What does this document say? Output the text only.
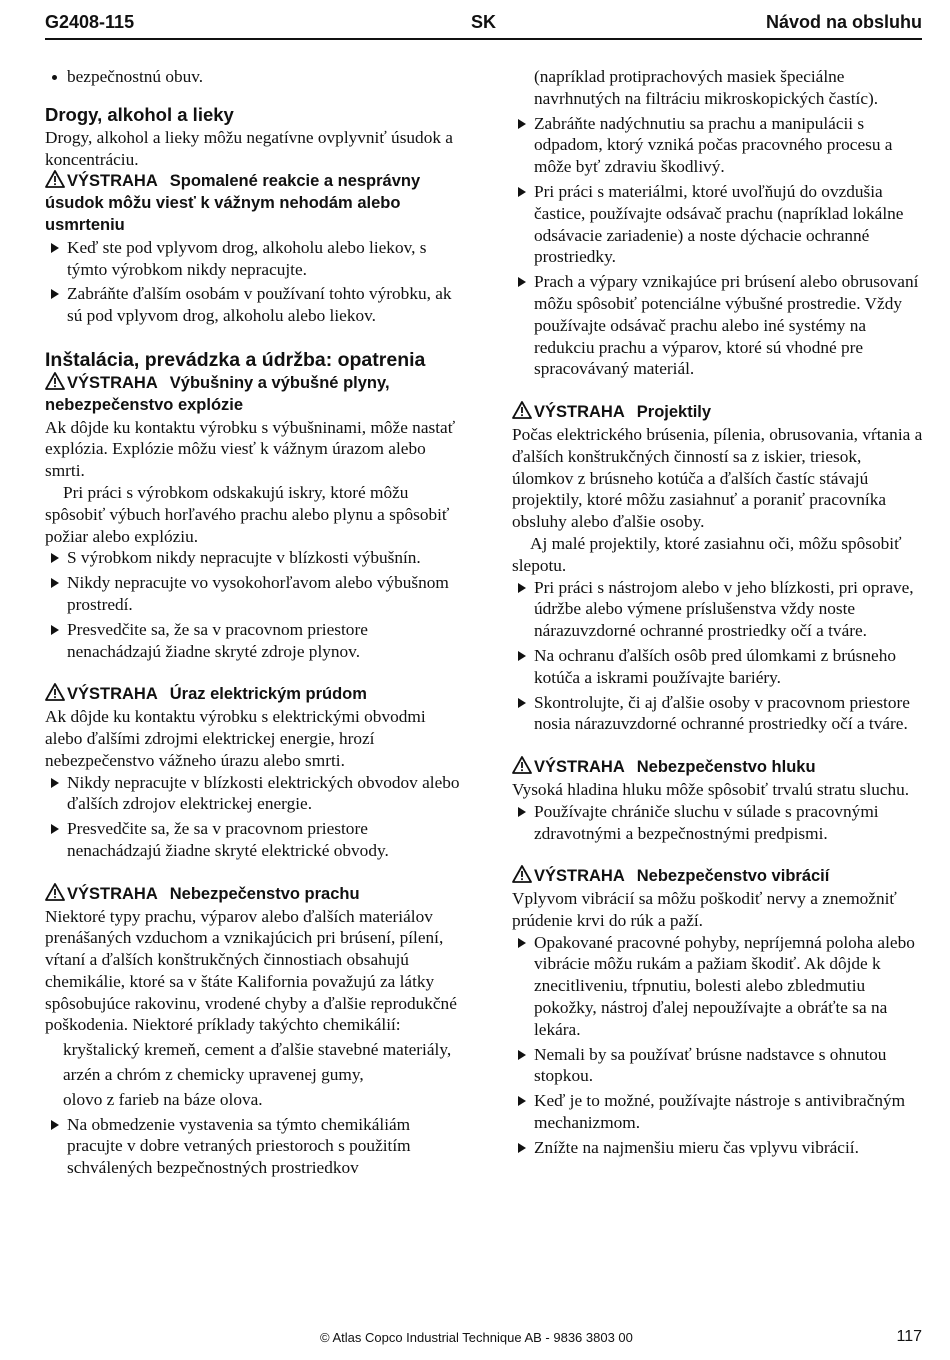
G2408-115	SK	Návod na obsluhu
bezpečnostnú obuv.
Drogy, alkohol a lieky

Drogy, alkohol a lieky môžu negatívne ovplyvniť úsudok a koncentráciu.

VÝSTRAHA Spomalené reakcie a nesprávny úsudok môžu viesť k vážnym nehodám alebo usmrteniu

Keď ste pod vplyvom drog, alkoholu alebo liekov, s týmto výrobkom nikdy nepracujte.
Zabráňte ďalším osobám v používaní tohto výrobku, ak sú pod vplyvom drog, alkoholu alebo liekov.
Inštalácia, prevádzka a údržba: opatrenia

VÝSTRAHA Výbušniny a výbušné plyny, nebezpečenstvo explózie

Ak dôjde ku kontaktu výrobku s výbušninami, môže nastať explózia. Explózie môžu viesť k vážnym úrazom alebo smrti.

Pri práci s výrobkom odskakujú iskry, ktoré môžu spôsobiť výbuch horľavého prachu alebo plynu a spôsobiť požiar alebo explóziu.

S výrobkom nikdy nepracujte v blízkosti výbušnín.
Nikdy nepracujte vo vysokohorľavom alebo výbušnom prostredí.
Presvedčite sa, že sa v pracovnom priestore nenachádzajú žiadne skryté zdroje plynov.

VÝSTRAHA Úraz elektrickým prúdom

Ak dôjde ku kontaktu výrobku s elektrickými obvodmi alebo ďalšími zdrojmi elektrickej energie, hrozí nebezpečenstvo vážneho úrazu alebo smrti.

Nikdy nepracujte v blízkosti elektrických obvodov alebo ďalších zdrojov elektrickej energie.
Presvedčite sa, že sa v pracovnom priestore nenachádzajú žiadne skryté elektrické obvody.

VÝSTRAHA Nebezpečenstvo prachu

Niektoré typy prachu, výparov alebo ďalších materiálov prenášaných vzduchom a vznikajúcich pri brúsení, pílení, vŕtaní a ďalších konštrukčných činnostiach obsahujú chemikálie, ktoré sa v štáte Kalifornia považujú za látky spôsobujúce rakovinu, vrodené chyby a ďalšie reprodukčné poškodenia. Niektoré príklady takýchto chemikálií:

kryštalický kremeň, cement a ďalšie stavebné materiály,

arzén a chróm z chemicky upravenej gumy,

olovo z farieb na báze olova.

Na obmedzenie vystavenia sa týmto chemikáliám pracujte v dobre vetraných priestoroch s použitím schválených bezpečnostných prostriedkov

(napríklad protiprachových masiek špeciálne navrhnutých na filtráciu mikroskopických častíc).

Zabráňte nadýchnutiu sa prachu a manipulácii s odpadom, ktorý vzniká počas pracovného procesu a môže byť zdraviu škodlivý.
Pri práci s materiálmi, ktoré uvoľňujú do ovzdušia častice, používajte odsávač prachu (napríklad lokálne odsávacie zariadenie) a noste dýchacie ochranné prostriedky.
Prach a výpary vznikajúce pri brúsení alebo obrusovaní môžu spôsobiť potenciálne výbušné prostredie. Vždy používajte odsávač prachu alebo iné systémy na redukciu prachu a výparov, ktoré sú vhodné pre spracovávaný materiál.

VÝSTRAHA Projektily

Počas elektrického brúsenia, pílenia, obrusovania, vŕtania a ďalších konštrukčných činností sa z iskier, triesok, úlomkov z brúsneho kotúča a ďalších častíc stávajú projektily, ktoré môžu zasiahnuť a poraniť pracovníka obsluhy alebo ďalšie osoby.

Aj malé projektily, ktoré zasiahnu oči, môžu spôsobiť slepotu.

Pri práci s nástrojom alebo v jeho blízkosti, pri oprave, údržbe alebo výmene príslušenstva vždy noste nárazuvzdorné ochranné prostriedky očí a tváre.
Na ochranu ďalších osôb pred úlomkami z brúsneho kotúča a iskrami používajte bariéry.
Skontrolujte, či aj ďalšie osoby v pracovnom priestore nosia nárazuvzdorné ochranné prostriedky očí a tváre.

VÝSTRAHA Nebezpečenstvo hluku

Vysoká hladina hluku môže spôsobiť trvalú stratu sluchu.

Používajte chrániče sluchu v súlade s pracovnými zdravotnými a bezpečnostnými predpismi.

VÝSTRAHA Nebezpečenstvo vibrácií

Vplyvom vibrácií sa môžu poškodiť nervy a znemožniť prúdenie krvi do rúk a paží.

Opakované pracovné pohyby, nepríjemná poloha alebo vibrácie môžu rukám a pažiam škodiť. Ak dôjde k znecitliveniu, tŕpnutiu, bolesti alebo zbledmutiu pokožky, nástroj ďalej nepoužívajte a obráťte sa na lekára.
Nemali by sa používať brúsne nadstavce s ohnutou stopkou.
Keď je to možné, používajte nástroje s antivibračným mechanizmom.
Znížte na najmenšiu mieru čas vplyvu vibrácií.
© Atlas Copco Industrial Technique AB - 9836 3803 00	117
